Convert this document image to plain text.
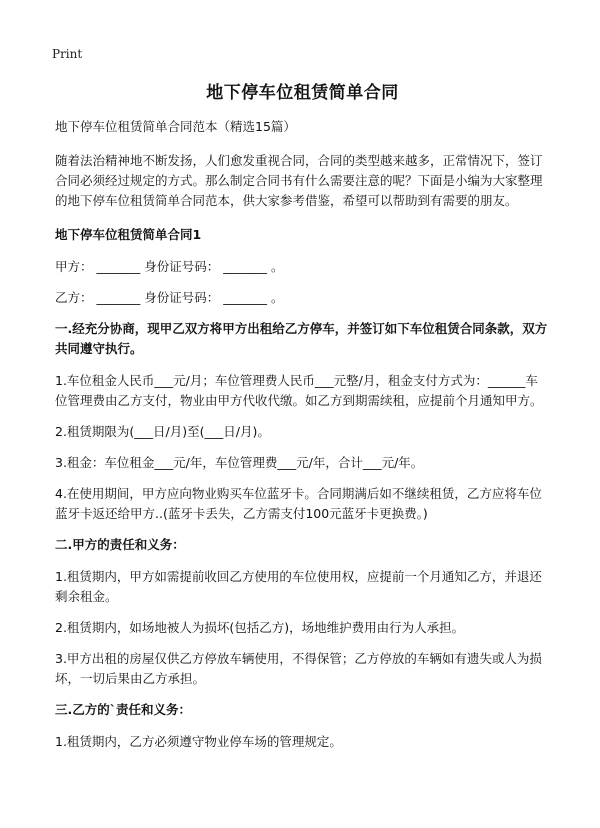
Print
地下停车位租赁简单合同

地下停车位租赁简单合同范本（精选15篇）

随着法治精神地不断发扬，人们愈发重视合同，合同的类型越来越多，正常情况下，签订合同必须经过规定的方式。那么制定合同书有什么需要注意的呢？下面是小编为大家整理的地下停车位租赁简单合同范本，供大家参考借鉴，希望可以帮助到有需要的朋友。

地下停车位租赁简单合同1

甲方： _______ 身份证号码： _______ 。

乙方： _______ 身份证号码： _______ 。

一.经充分协商，现甲乙双方将甲方出租给乙方停车，并签订如下车位租赁合同条款，双方共同遵守执行。

1.车位租金人民币___元/月；车位管理费人民币___元整/月，租金支付方式为：______车位管理费由乙方支付，物业由甲方代收代缴。如乙方到期需续租，应提前个月通知甲方。

2.租赁期限为(___日/月)至(___日/月)。

3.租金：车位租金___元/年，车位管理费___元/年，合计___元/年。

4.在使用期间，甲方应向物业购买车位蓝牙卡。合同期满后如不继续租赁，乙方应将车位蓝牙卡返还给甲方..(蓝牙卡丢失，乙方需支付100元蓝牙卡更换费。)

二.甲方的责任和义务：

1.租赁期内，甲方如需提前收回乙方使用的车位使用权，应提前一个月通知乙方，并退还剩余租金。

2.租赁期内，如场地被人为损坏(包括乙方)，场地维护费用由行为人承担。

3.甲方出租的房屋仅供乙方停放车辆使用，不得保管；乙方停放的车辆如有遗失或人为损坏，一切后果由乙方承担。

三.乙方的`责任和义务：

1.租赁期内，乙方必须遵守物业停车场的管理规定。
